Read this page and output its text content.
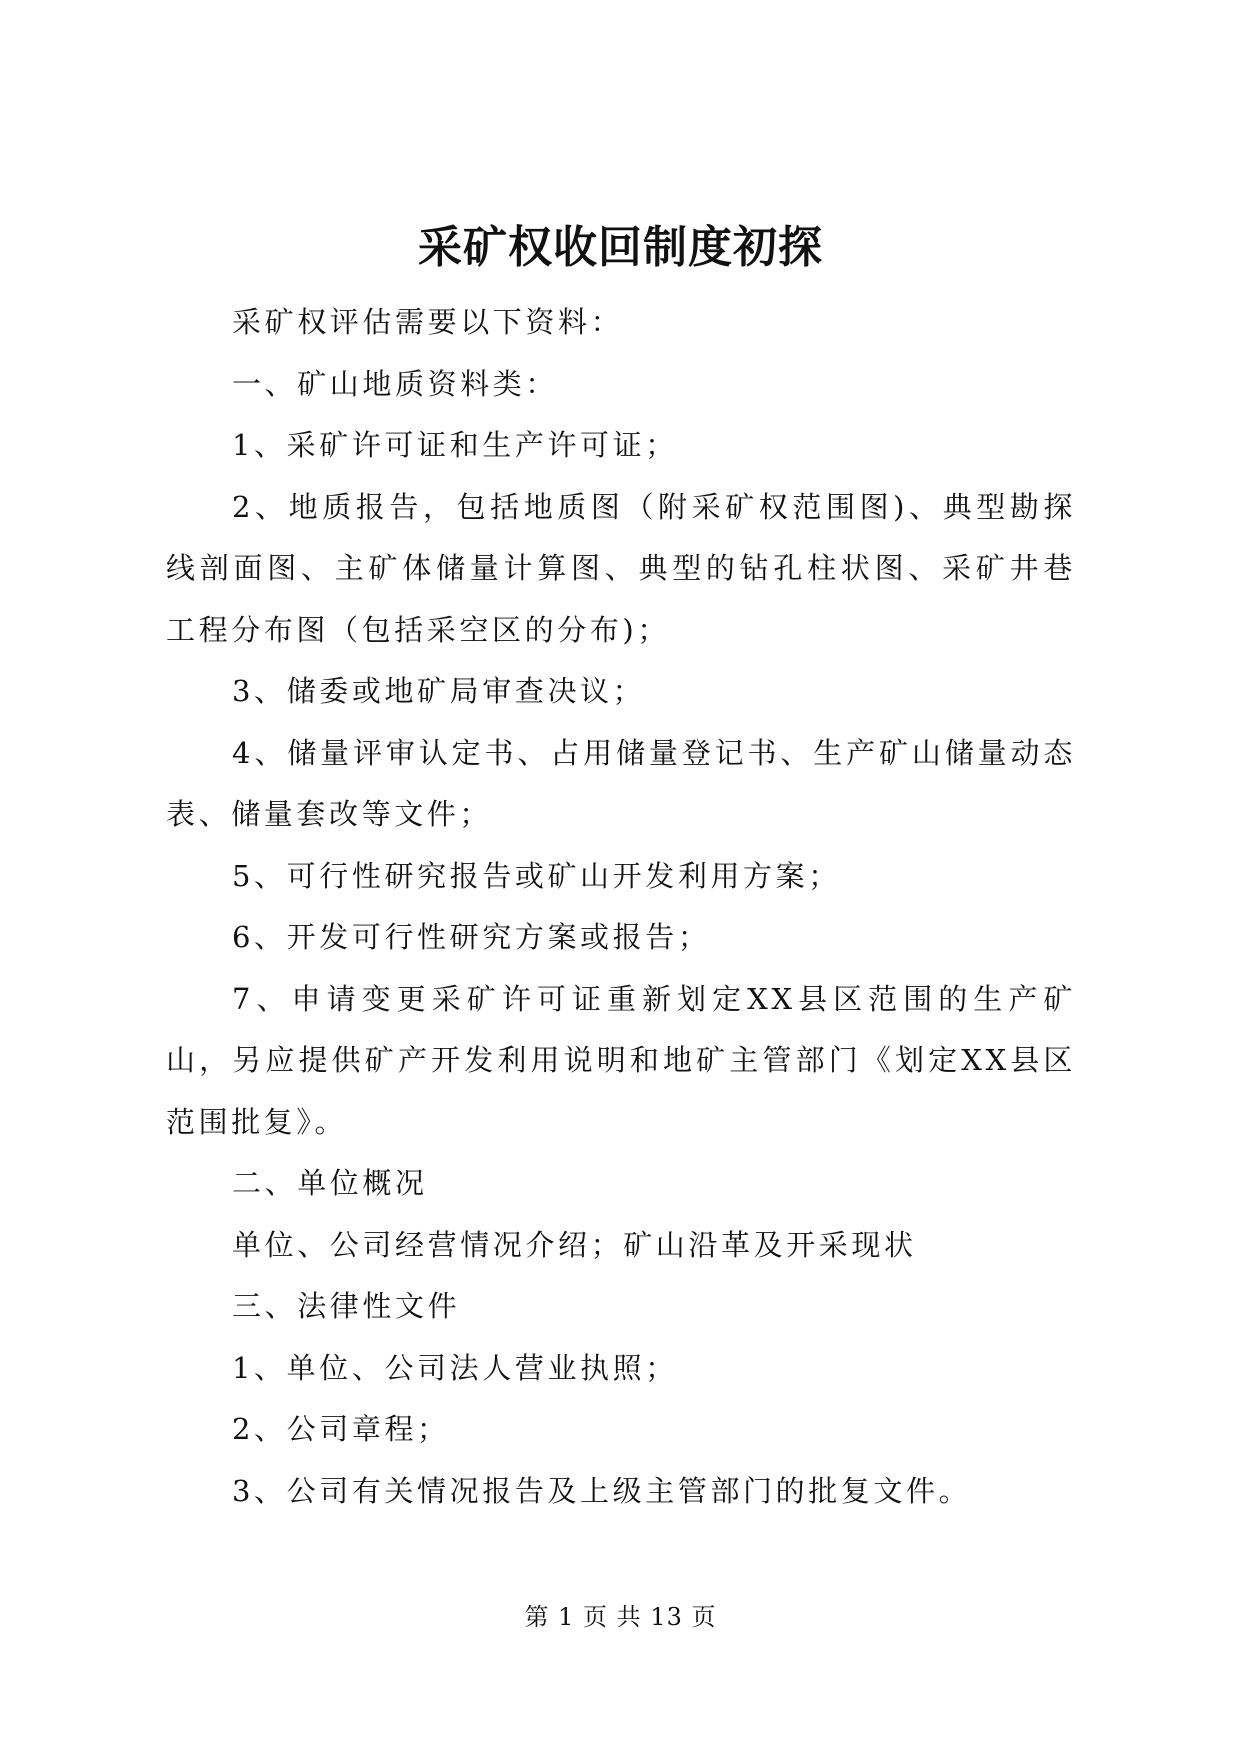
采矿权收回制度初探

采矿权评估需要以下资料：

一、矿山地质资料类：

1、采矿许可证和生产许可证；

2、地质报告，包括地质图（附采矿权范围图)、典型勘探线剖面图、主矿体储量计算图、典型的钻孔柱状图、采矿井巷工程分布图（包括采空区的分布)；

3、储委或地矿局审查决议；

4、储量评审认定书、占用储量登记书、生产矿山储量动态表、储量套改等文件；

5、可行性研究报告或矿山开发利用方案；

6、开发可行性研究方案或报告；

7、申请变更采矿许可证重新划定XX县区范围的生产矿山，另应提供矿产开发利用说明和地矿主管部门《划定XX县区范围批复》。

二、单位概况

单位、公司经营情况介绍；矿山沿革及开采现状

三、法律性文件

1、单位、公司法人营业执照；

2、公司章程；

3、公司有关情况报告及上级主管部门的批复文件。

第 1 页 共 13 页
